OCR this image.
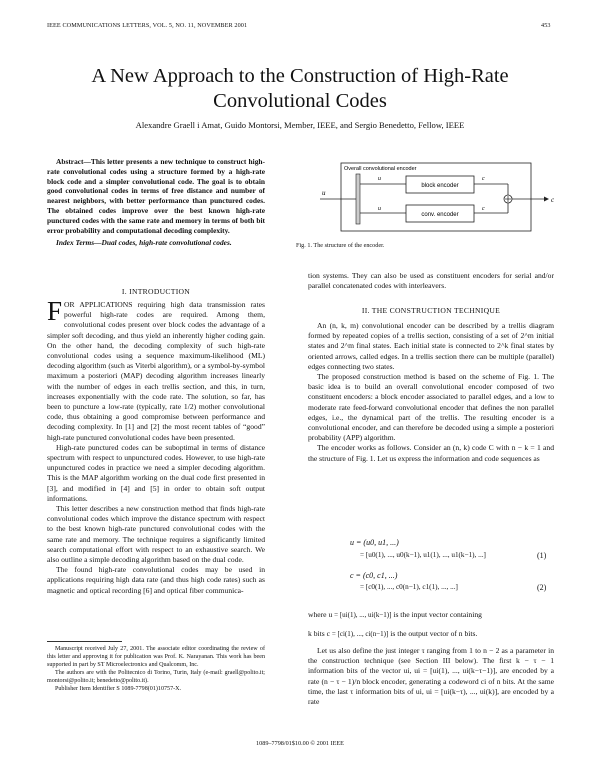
IEEE COMMUNICATIONS LETTERS, VOL. 5, NO. 11, NOVEMBER 2001	453
A New Approach to the Construction of High-Rate
Convolutional Codes
Alexandre Graell i Amat, Guido Montorsi, Member, IEEE, and Sergio Benedetto, Fellow, IEEE

Abstract—This letter presents a new technique to construct high-rate convolutional codes using a structure formed by a high-rate block code and a simpler convolutional code. The goal is to obtain good convolutional codes in terms of free distance and number of nearest neighbors, with better performance than punctured codes. The obtained codes improve over the best known high-rate punctured codes with the same rate and memory in terms of both bit error probability and computational decoding complexity.

Index Terms—Dual codes, high-rate convolutional codes.

I. INTRODUCTION

FOR APPLICATIONS requiring high data transmission rates powerful high-rate codes are required. Among them, convolutional codes present over block codes the advantage of a simpler soft decoding, and thus yield an inherently higher coding gain. On the other hand, the decoding complexity of such high-rate convolutional codes using a sequence maximum-likelihood (ML) decoding algorithm (such as Viterbi algorithm), or a symbol-by-symbol maximum a posteriori (MAP) decoding algorithm increases linearly with the number of edges in each trellis section, and this, in turn, increases exponentially with the code rate. The solution, so far, has been to puncture a low-rate (typically, rate 1/2) mother convolutional code, thus obtaining a good compromise between performance and decoding complexity. In [1] and [2] the most recent tables of “good” high-rate punctured convolutional codes have been presented.

High-rate punctured codes can be suboptimal in terms of distance spectrum with respect to unpunctured codes. However, to use high-rate unpunctured codes in practice we need a simpler decoding algorithm. This is the MAP algorithm working on the dual code first presented in [3], and modified in [4] and [5] in order to obtain soft output informations.

This letter describes a new construction method that finds high-rate convolutional codes which improve the distance spectrum with respect to the best known high-rate punctured convolutional codes with the same rate and memory. The technique requires a significantly limited search computational effort with respect to an exhaustive search. We also outline a simple decoding algorithm based on the dual code.

The found high-rate convolutional codes may be used in applications requiring high data rate (and thus high code rates) such as magnetic and optical recording [6] and optical fiber communica-

Manuscript received July 27, 2001. The associate editor coordinating the review of this letter and approving it for publication was Prof. K. Narayanan. This work has been supported in part by ST Microelectronics and Qualcomm, Inc.

The authors are with the Politecnico di Torino, Turin, Italy (e-mail: graell@polito.it; montorsi@polito.it; benedetto@polito.it).

Publisher Item Identifier S 1089-7798(01)10757-X.

Overall convolutional encoder
block encoder
conv. encoder
u
u
u
c
c
c
Fig. 1. The structure of the encoder.

tion systems. They can also be used as constituent encoders for serial and/or parallel concatenated codes with interleavers.

II. THE CONSTRUCTION TECHNIQUE

An (n, k, m) convolutional encoder can be described by a trellis diagram formed by repeated copies of a trellis section, consisting of a set of 2^m initial states and 2^m final states. Each initial state is connected to 2^k final states by oriented arrows, called edges. In a trellis section there can be multiple (parallel) edges connecting two states.

The proposed construction method is based on the scheme of Fig. 1. The basic idea is to build an overall convolutional encoder composed of two constituent encoders: a block encoder associated to parallel edges, and a low to moderate rate feed-forward convolutional encoder that defines the non parallel edges, i.e., the dynamical part of the trellis. The resulting encoder is a convolutional encoder, and can therefore be decoded using a simple a posteriori probability (APP) algorithm.

The encoder works as follows. Consider an (n, k) code C with n − k = 1 and the structure of Fig. 1. Let us express the information and code sequences as

u = (u0, u1, ...)
= [u0(1), ..., u0(k−1), u1(1), ..., u1(k−1), ...]	(1)
c = (c0, c1, ...)
= [c0(1), ..., c0(n−1), c1(1), ..., ...]	(2)
where u = [ui(1), ..., ui(k−1)] is the input vector containing
k bits c = [ci(1), ..., ci(n−1)] is the output vector of n bits.

Let us also define the just integer τ ranging from 1 to n − 2 as a parameter in the construction technique (see Section III below). The first k − τ − 1 information bits of the vector ui, ui = [ui(1), ..., ui(k−τ−1)], are encoded by a rate (n − τ − 1)/n block encoder, generating a codeword ci of n bits. At the same time, the last τ information bits of ui, ui = [ui(k−τ), ..., ui(k)], are encoded by a rate

1089–7798/01$10.00 © 2001 IEEE
